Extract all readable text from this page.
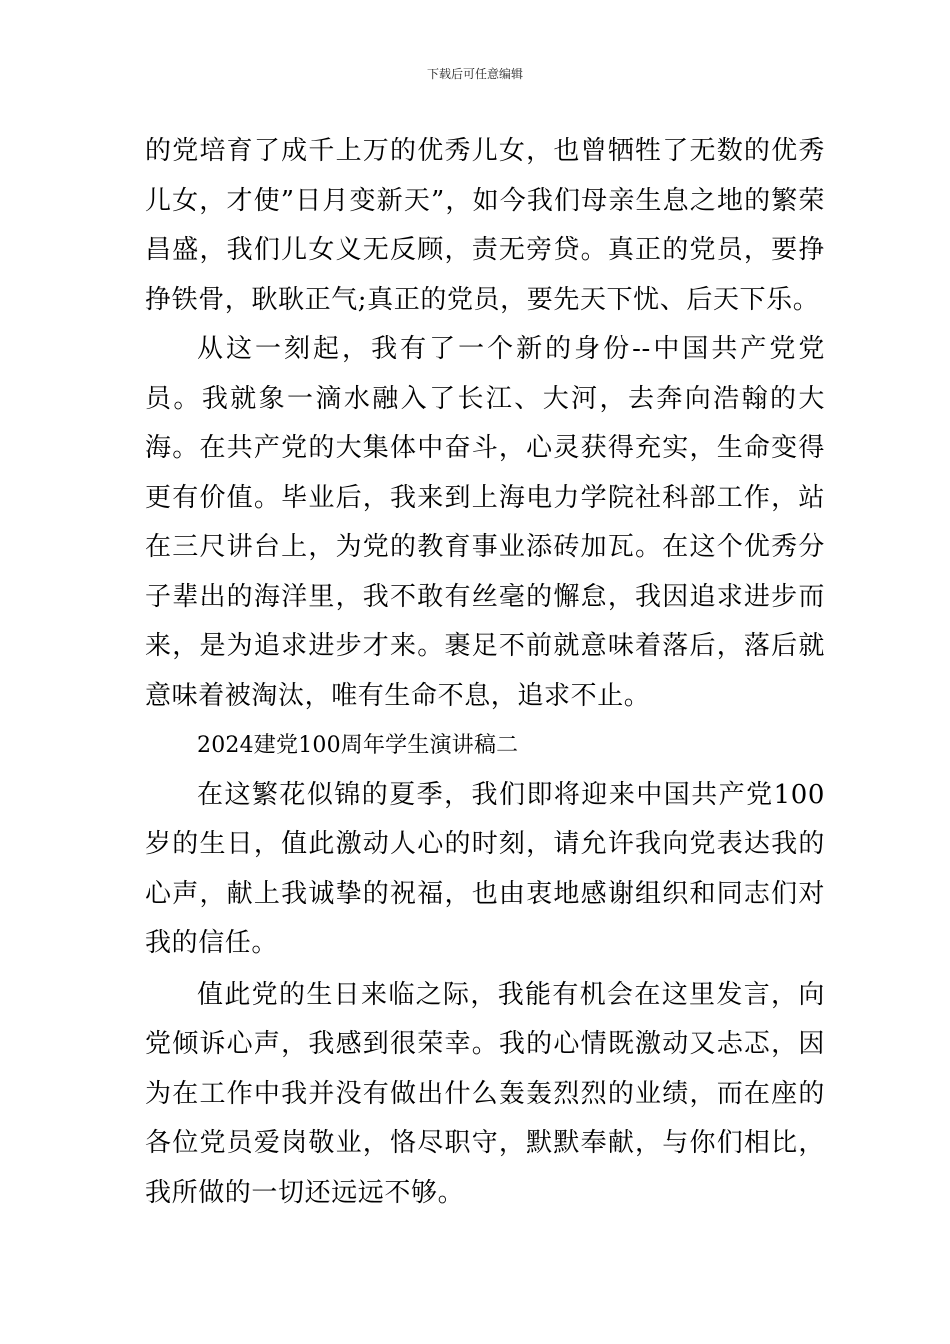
下载后可任意编辑

的党培育了成千上万的优秀儿女，也曾牺牲了无数的优秀儿女，才使”日月变新天”，如今我们母亲生息之地的繁荣昌盛，我们儿女义无反顾，责无旁贷。真正的党员，要挣挣铁骨，耿耿正气;真正的党员，要先天下忧、后天下乐。

从这一刻起，我有了一个新的身份--中国共产党党员。我就象一滴水融入了长江、大河，去奔向浩翰的大海。在共产党的大集体中奋斗，心灵获得充实，生命变得更有价值。毕业后，我来到上海电力学院社科部工作，站在三尺讲台上，为党的教育事业添砖加瓦。在这个优秀分子辈出的海洋里，我不敢有丝毫的懈怠，我因追求进步而来，是为追求进步才来。裹足不前就意味着落后，落后就意味着被淘汰，唯有生命不息，追求不止。

2024建党100周年学生演讲稿二

在这繁花似锦的夏季，我们即将迎来中国共产党100岁的生日，值此激动人心的时刻，请允许我向党表达我的心声，献上我诚挚的祝福，也由衷地感谢组织和同志们对我的信任。

值此党的生日来临之际，我能有机会在这里发言，向党倾诉心声，我感到很荣幸。我的心情既激动又忐忑，因为在工作中我并没有做出什么轰轰烈烈的业绩，而在座的各位党员爱岗敬业，恪尽职守，默默奉献，与你们相比，我所做的一切还远远不够。
